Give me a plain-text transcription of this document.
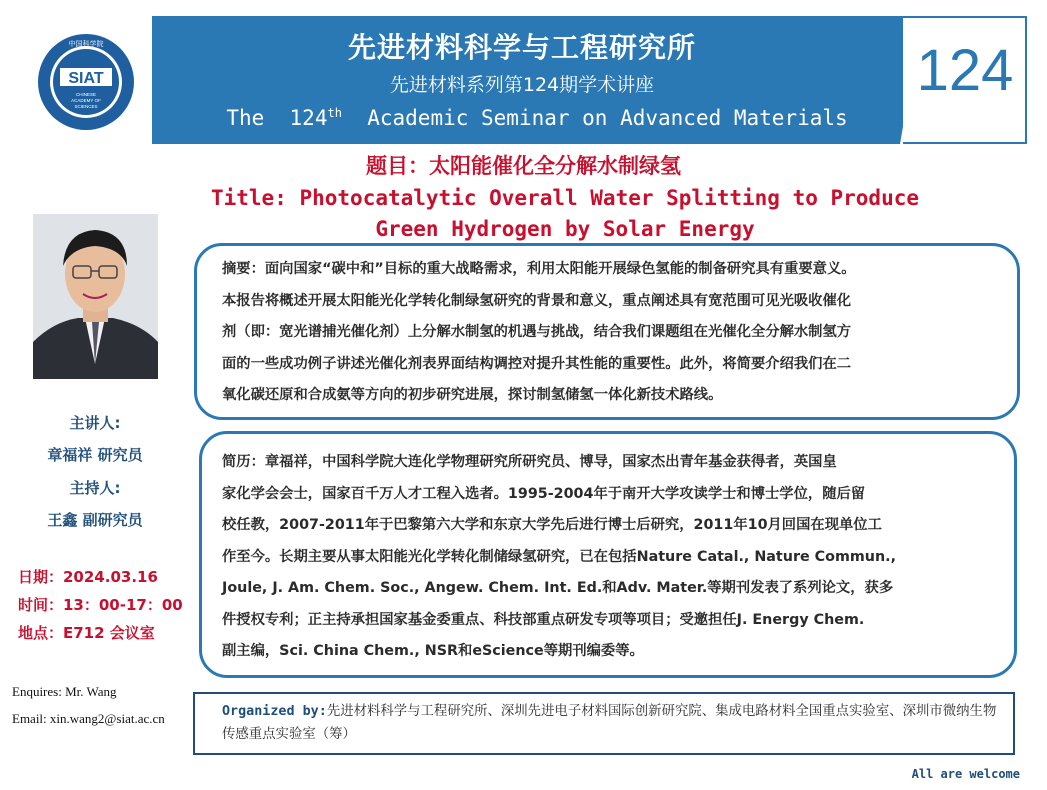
SIAT
CHINESE
ACADEMY OF
SCIENCES
中国科学院	124
先进材料科学与工程研究所
先进材料系列第124期学术讲座
The  124th  Academic Seminar on Advanced Materials
题目：太阳能催化全分解水制绿氢
Title: Photocatalytic Overall Water Splitting to Produce
Green Hydrogen by Solar Energy
主讲人:
章福祥 研究员
主持人:
王鑫 副研究员
日期：2024.03.16
时间：13：00-17：00
地点：E712 会议室
Enquires: Mr. Wang
Email: xin.wang2@siat.ac.cn
摘要：面向国家“碳中和”目标的重大战略需求，利用太阳能开展绿色氢能的制备研究具有重要意义。
本报告将概述开展太阳能光化学转化制绿氢研究的背景和意义，重点阐述具有宽范围可见光吸收催化
剂（即：宽光谱捕光催化剂）上分解水制氢的机遇与挑战，结合我们课题组在光催化全分解水制氢方
面的一些成功例子讲述光催化剂表界面结构调控对提升其性能的重要性。此外，将简要介绍我们在二
氧化碳还原和合成氨等方向的初步研究进展，探讨制氢储氢一体化新技术路线。
简历：章福祥，中国科学院大连化学物理研究所研究员、博导，国家杰出青年基金获得者，英国皇
家化学会会士，国家百千万人才工程入选者。1995-2004年于南开大学攻读学士和博士学位，随后留
校任教，2007-2011年于巴黎第六大学和东京大学先后进行博士后研究，2011年10月回国在现单位工
作至今。长期主要从事太阳能光化学转化制储绿氢研究，已在包括Nature Catal., Nature Commun.,
Joule, J. Am. Chem. Soc., Angew. Chem. Int. Ed.和Adv. Mater.等期刊发表了系列论文，获多
件授权专利；正主持承担国家基金委重点、科技部重点研发专项等项目；受邀担任J. Energy Chem.
副主编，Sci. China Chem., NSR和eScience等期刊编委等。
Organized by:先进材料科学与工程研究所、深圳先进电子材料国际创新研究院、集成电路材料全国重点实验室、深圳市微纳生物传感重点实验室（筹）
All are welcome
